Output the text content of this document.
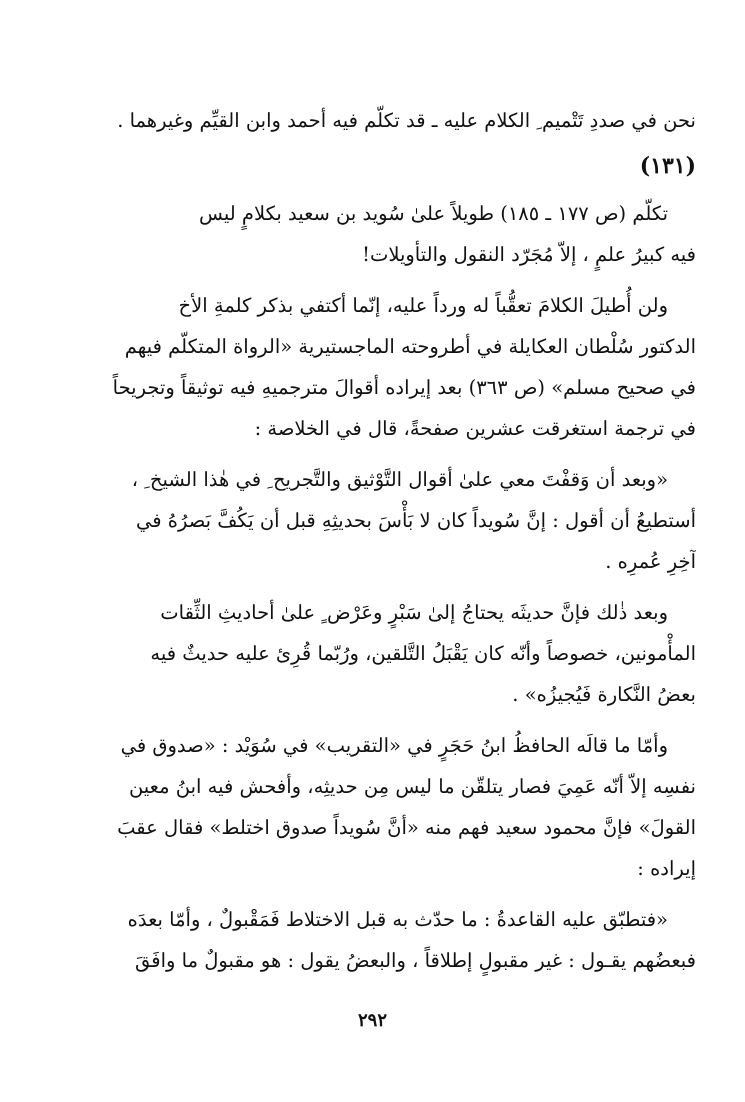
نحن في صددِ تَتْميم ِ الكلام عليه ـ قد تكلّم فيه أحمد وابن القيِّم وغيرهما .
(١٣١)
تكلّم (ص ١٧٧ ـ ١٨٥) طويلاً علىٰ سُويد بن سعيد بكلامٍ ليس
فيه كبيرُ علمٍ ، إلاّ مُجَرّد النقول والتأويلات!
ولن أُطيلَ الكلامَ تعقُّباً له ورداً عليه، إنّما أكتفي بذكر كلمةِ الأخ
الدكتور سُلْطان العكايلة في أطروحته الماجستيرية «الرواة المتكلّم فيهم
في صحيح مسلم» (ص ٣٦٣) بعد إيراده أقوالَ مترجميهِ فيه توثيقاً وتجريحاً
في ترجمة استغرقت عشرين صفحةً، قال في الخلاصة :
«وبعد أن وَقفْتَ معي علىٰ أقوال التَّوْثيق والتَّجريح ِ في هٰذا الشيخ ِ ،
أستطيعُ أن أقول : إنَّ سُويداً كان لا بَأْسَ بحديثِهِ قبل أن يَكُفَّ بَصرُهُ في
آخِرِ عُمرِه .
وبعد ذٰلك فإنَّ حديثَه يحتاجُ إلىٰ سَبْرٍ وعَرْض ٍ علىٰ أحاديثِ الثِّقات
المأْمونين، خصوصاً وأنّه كان يَقْبَلُ التَّلقين، ورُبّما قُرِئ عليه حديثٌ فيه
بعضُ النَّكارة فَيُجيزُه» .
وأمّا ما قالَه الحافظُ ابنُ حَجَرٍ في «التقريب» في سُوَيْد : «صدوق في
نفسِه إلاّ أنّه عَمِيَ فصار يتلقّن ما ليس مِن حديثِه، وأفحش فيه ابنُ معين
القولَ» فإنَّ محمود سعيد فهم منه «أنَّ سُويداً صدوق اختلط» فقال عقبَ
إيراده :
«فتطبّق عليه القاعدةُ : ما حدّث به قبل الاختلاط فَمَقْبولٌ ، وأمّا بعدَه
فبعضُهم يقـول : غير مقبولٍ إطلاقاً ، والبعضُ يقول : هو مقبولٌ ما وافَقَ
٢٩٢
